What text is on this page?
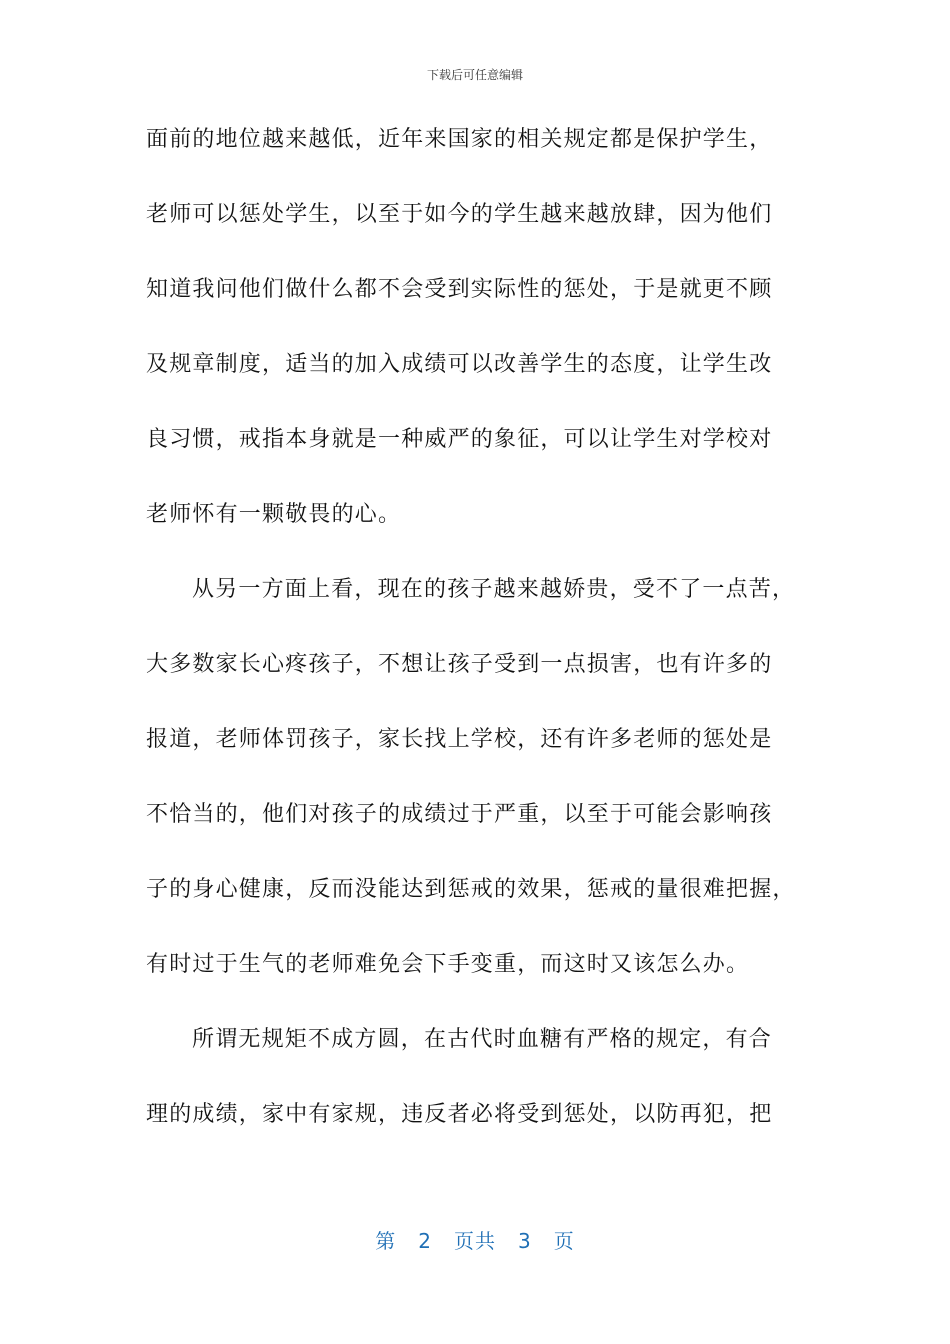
下载后可任意编辑
面前的地位越来越低，近年来国家的相关规定都是保护学生，
老师可以惩处学生，以至于如今的学生越来越放肆，因为他们
知道我问他们做什么都不会受到实际性的惩处，于是就更不顾
及规章制度，适当的加入成绩可以改善学生的态度，让学生改
良习惯，戒指本身就是一种威严的象征，可以让学生对学校对
老师怀有一颗敬畏的心。
从另一方面上看，现在的孩子越来越娇贵，受不了一点苦，
大多数家长心疼孩子，不想让孩子受到一点损害，也有许多的
报道，老师体罚孩子，家长找上学校，还有许多老师的惩处是
不恰当的，他们对孩子的成绩过于严重，以至于可能会影响孩
子的身心健康，反而没能达到惩戒的效果，惩戒的量很难把握，
有时过于生气的老师难免会下手变重，而这时又该怎么办。
所谓无规矩不成方圆，在古代时血糖有严格的规定，有合
理的成绩，家中有家规，违反者必将受到惩处，以防再犯，把
第 2 页共 3 页
